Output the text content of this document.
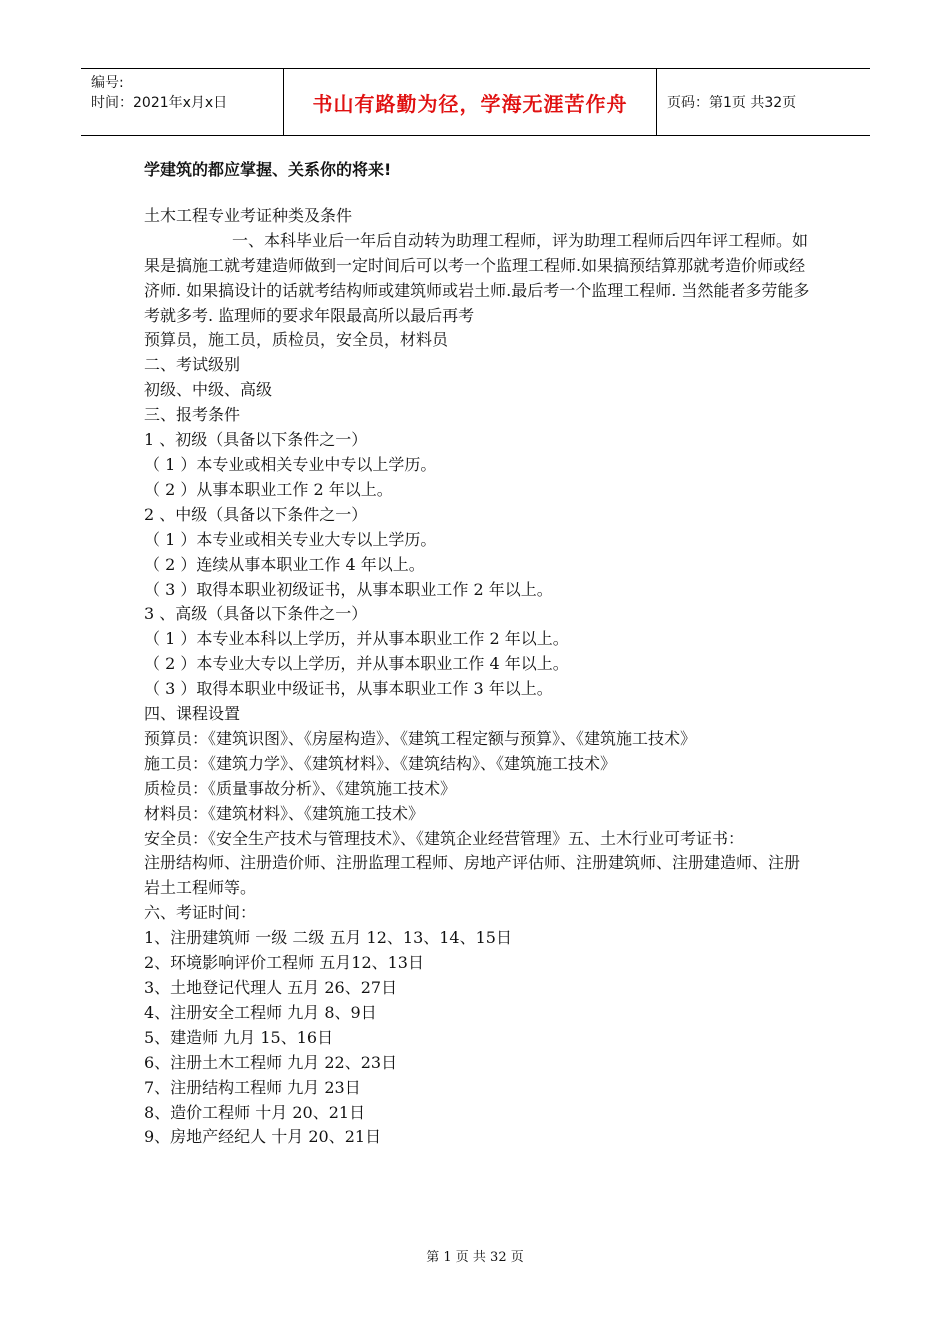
编号:
时间：2021年x月x日	书山有路勤为径，学海无涯苦作舟	页码：第1页 共32页
学建筑的都应掌握、关系你的将来!
土木工程专业考证种类及条件
一、本科毕业后一年后自动转为助理工程师，评为助理工程师后四年评工程师。如果是搞施工就考建造师做到一定时间后可以考一个监理工程师.如果搞预结算那就考造价师或经济师. 如果搞设计的话就考结构师或建筑师或岩土师.最后考一个监理工程师. 当然能者多劳能多考就多考. 监理师的要求年限最高所以最后再考
预算员，施工员，质检员，安全员，材料员
二、考试级别
初级、中级、高级
三、报考条件
1 、初级（具备以下条件之一）
（ 1 ）本专业或相关专业中专以上学历。
（ 2 ）从事本职业工作 2 年以上。
2 、中级（具备以下条件之一）
（ 1 ）本专业或相关专业大专以上学历。
（ 2 ）连续从事本职业工作 4 年以上。
（ 3 ）取得本职业初级证书，从事本职业工作 2 年以上。
3 、高级（具备以下条件之一）
（ 1 ）本专业本科以上学历，并从事本职业工作 2 年以上。
（ 2 ）本专业大专以上学历，并从事本职业工作 4 年以上。
（ 3 ）取得本职业中级证书，从事本职业工作 3 年以上。
四、课程设置
预算员：《建筑识图》、《房屋构造》、《建筑工程定额与预算》、《建筑施工技术》
施工员：《建筑力学》、《建筑材料》、《建筑结构》、《建筑施工技术》
质检员：《质量事故分析》、《建筑施工技术》
材料员：《建筑材料》、《建筑施工技术》
安全员：《安全生产技术与管理技术》、《建筑企业经营管理》五、土木行业可考证书：
注册结构师、注册造价师、注册监理工程师、房地产评估师、注册建筑师、注册建造师、注册岩土工程师等。
六、考证时间：
1、注册建筑师 一级 二级 五月 12、13、14、15日
2、环境影响评价工程师 五月12、13日
3、土地登记代理人 五月 26、27日
4、注册安全工程师 九月 8、9日
5、建造师 九月 15、16日
6、注册土木工程师 九月 22、23日
7、注册结构工程师 九月 23日
8、造价工程师 十月 20、21日
9、房地产经纪人 十月 20、21日
第 1 页 共 32 页
